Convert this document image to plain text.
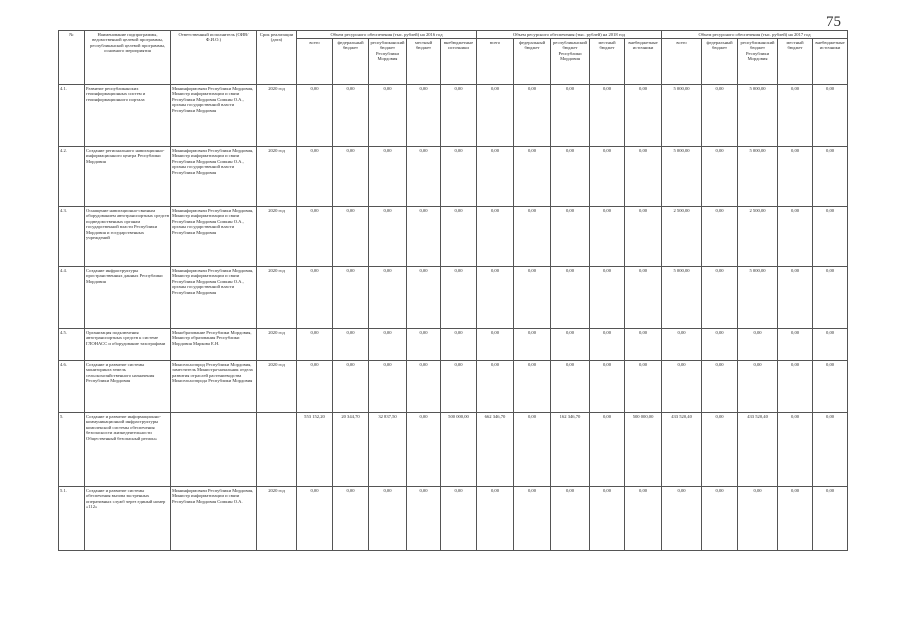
75
№	Наименование подпрограммы, ведомственной целевой программы, республиканской целевой программы, основного мероприятия	Ответственный исполнитель (ОИВ/Ф.И.О.)	Срок реализации (дата)	Объем ресурсного обеспечения (тыс. рублей) на 2016 год					Объем ресурсного обеспечения (тыс. рублей) на 2018 год					Объем ресурсного обеспечения (тыс. рублей) на 2017 год				
				всего	федеральный бюджет	республиканский бюджет Республики Мордовия	местный бюджет	внебюджетные источники	всего	федеральный бюджет	республиканский бюджет Республики Мордовия	местный бюджет	внебюджетные источники	всего	федеральный бюджет	республиканский бюджет Республики Мордовия	местный бюджет	внебюджетные источники
4.1.	Развитие республиканских геоинформационных систем и геоинформационного портала	Мининформсвязи Республики Мордовия, Министр информатизации и связи Республики Мордовия Сомкин О.А., органы государственной власти Республики Мордовия	2020 год	0,00	0,00	0,00	0,00	0,00	0,00	0,00	0,00	0,00	0,00	5 000,00	0,00	5 000,00	0,00	0,00
4.2.	Создание регионального навигационно-информационного центра Республики Мордовия	Мининформсвязи Республики Мордовия, Министр информатизации и связи Республики Мордовия Сомкин О.А., органы государственной власти Республики Мордовия	2020 год	0,00	0,00	0,00	0,00	0,00	0,00	0,00	0,00	0,00	0,00	5 000,00	0,00	5 000,00	0,00	0,00
4.3.	Оснащение навигационно-связным оборудованием автотранспортных средств подведомственных органам государственной власти Республики Мордовия и государственных учреждений	Мининформсвязи Республики Мордовия, Министр информатизации и связи Республики Мордовия Сомкин О.А., органы государственной власти Республики Мордовия	2020 год	0,00	0,00	0,00	0,00	0,00	0,00	0,00	0,00	0,00	0,00	2 500,00	0,00	2 500,00	0,00	0,00
4.4.	Создание инфраструктуры пространственных данных Республики Мордовия	Мининформсвязи Республики Мордовия, Министр информатизации и связи Республики Мордовия Сомкин О.А., органы государственной власти Республики Мордовия	2020 год	0,00	0,00	0,00	0,00	0,00	0,00	0,00	0,00	0,00	0,00	5 000,00	0,00	5 000,00	0,00	0,00
4.5.	Организация подключения автотранспортных средств к системе ГЛОНАСС и оборудование тахографами	Минобразование Республики Мордовия, Министр образования Республики Мордовия Маркова Е.Н.	2020 год	0,00	0,00	0,00	0,00	0,00	0,00	0,00	0,00	0,00	0,00	0,00	0,00	0,00	0,00	0,00
4.6.	Создание и развитие системы мониторинга земель сельскохозяйственного назначения Республики Мордовия	Минсельхозпрод Республики Мордовия, заместитель Министра-начальник отдела развития отраслей растениеводства Минсельхозпрода Республики Мордовия	2020 год	0,00	0,00	0,00	0,00	0,00	0,00	0,00	0,00	0,00	0,00	0,00	0,00	0,00	0,00	0,00
5.	Создание и развитие информационно-коммуникационной инфраструктуры комплексной системы обеспечения безопасности жизнедеятельности Общественный безопасный регион»			553 152,20	20 344,70	32 837,50	0,00	500 000,00	662 346,70	0,00	162 346,70	0,00	500 000,00	433 520,40	0,00	433 520,40	0,00	0,00
5.1.	Создание и развитие системы обеспечения вызова экстренных оперативных служб через единый номер «112»	Мининформсвязи Республики Мордовия, Министр информатизации и связи Республики Мордовия Сомкин О.А.	2020 год	0,00	0,00	0,00	0,00	0,00	0,00	0,00	0,00	0,00	0,00	0,00	0,00	0,00	0,00	0,00
